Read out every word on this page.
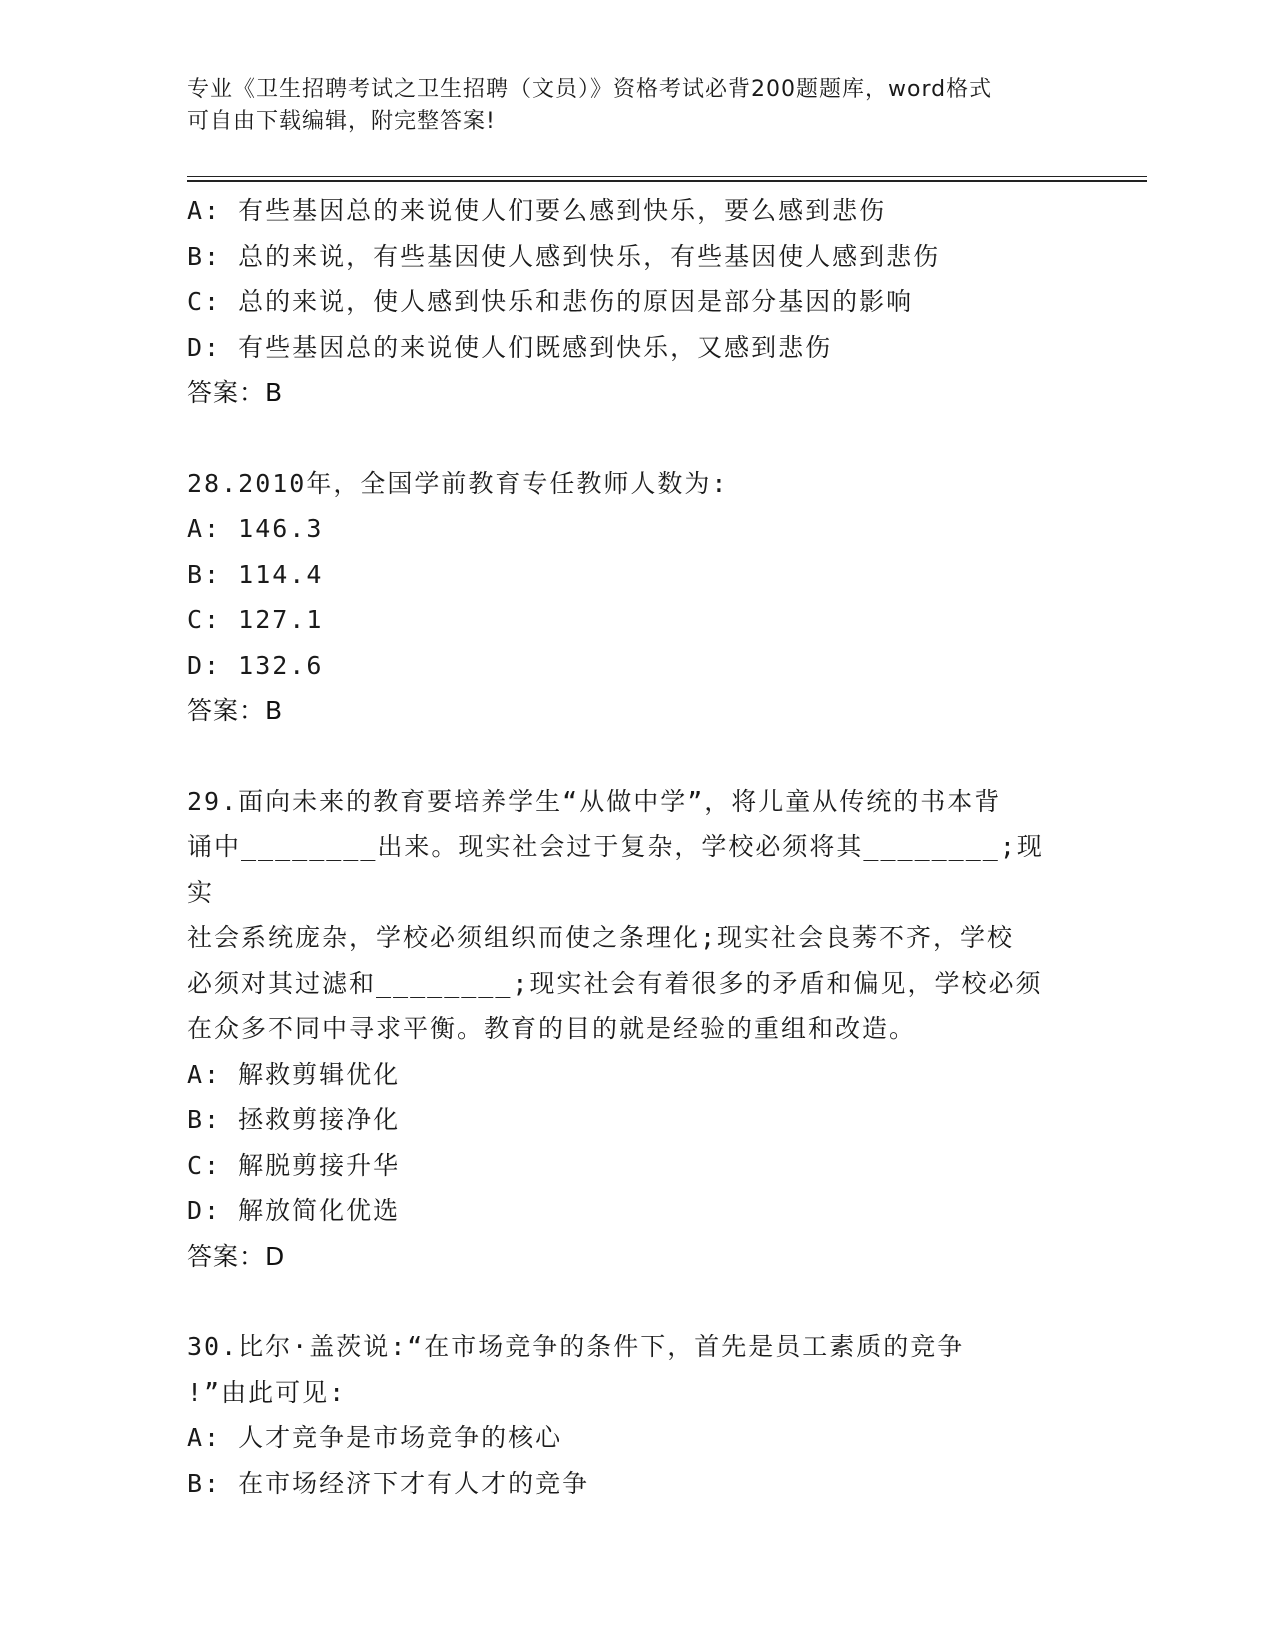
专业《卫生招聘考试之卫生招聘（文员）》资格考试必背200题题库，word格式
可自由下载编辑，附完整答案!
A: 有些基因总的来说使人们要么感到快乐，要么感到悲伤
B: 总的来说，有些基因使人感到快乐，有些基因使人感到悲伤
C: 总的来说，使人感到快乐和悲伤的原因是部分基因的影响
D: 有些基因总的来说使人们既感到快乐，又感到悲伤
答案：B
28.2010年，全国学前教育专任教师人数为:
A: 146.3
B: 114.4
C: 127.1
D: 132.6
答案：B
29.面向未来的教育要培养学生“从做中学”，将儿童从传统的书本背
诵中________出来。现实社会过于复杂，学校必须将其________;现实
社会系统庞杂，学校必须组织而使之条理化;现实社会良莠不齐，学校
必须对其过滤和________;现实社会有着很多的矛盾和偏见，学校必须
在众多不同中寻求平衡。教育的目的就是经验的重组和改造。
A: 解救剪辑优化
B: 拯救剪接净化
C: 解脱剪接升华
D: 解放简化优选
答案：D
30.比尔·盖茨说:“在市场竞争的条件下，首先是员工素质的竞争
!”由此可见:
A: 人才竞争是市场竞争的核心
B: 在市场经济下才有人才的竞争
